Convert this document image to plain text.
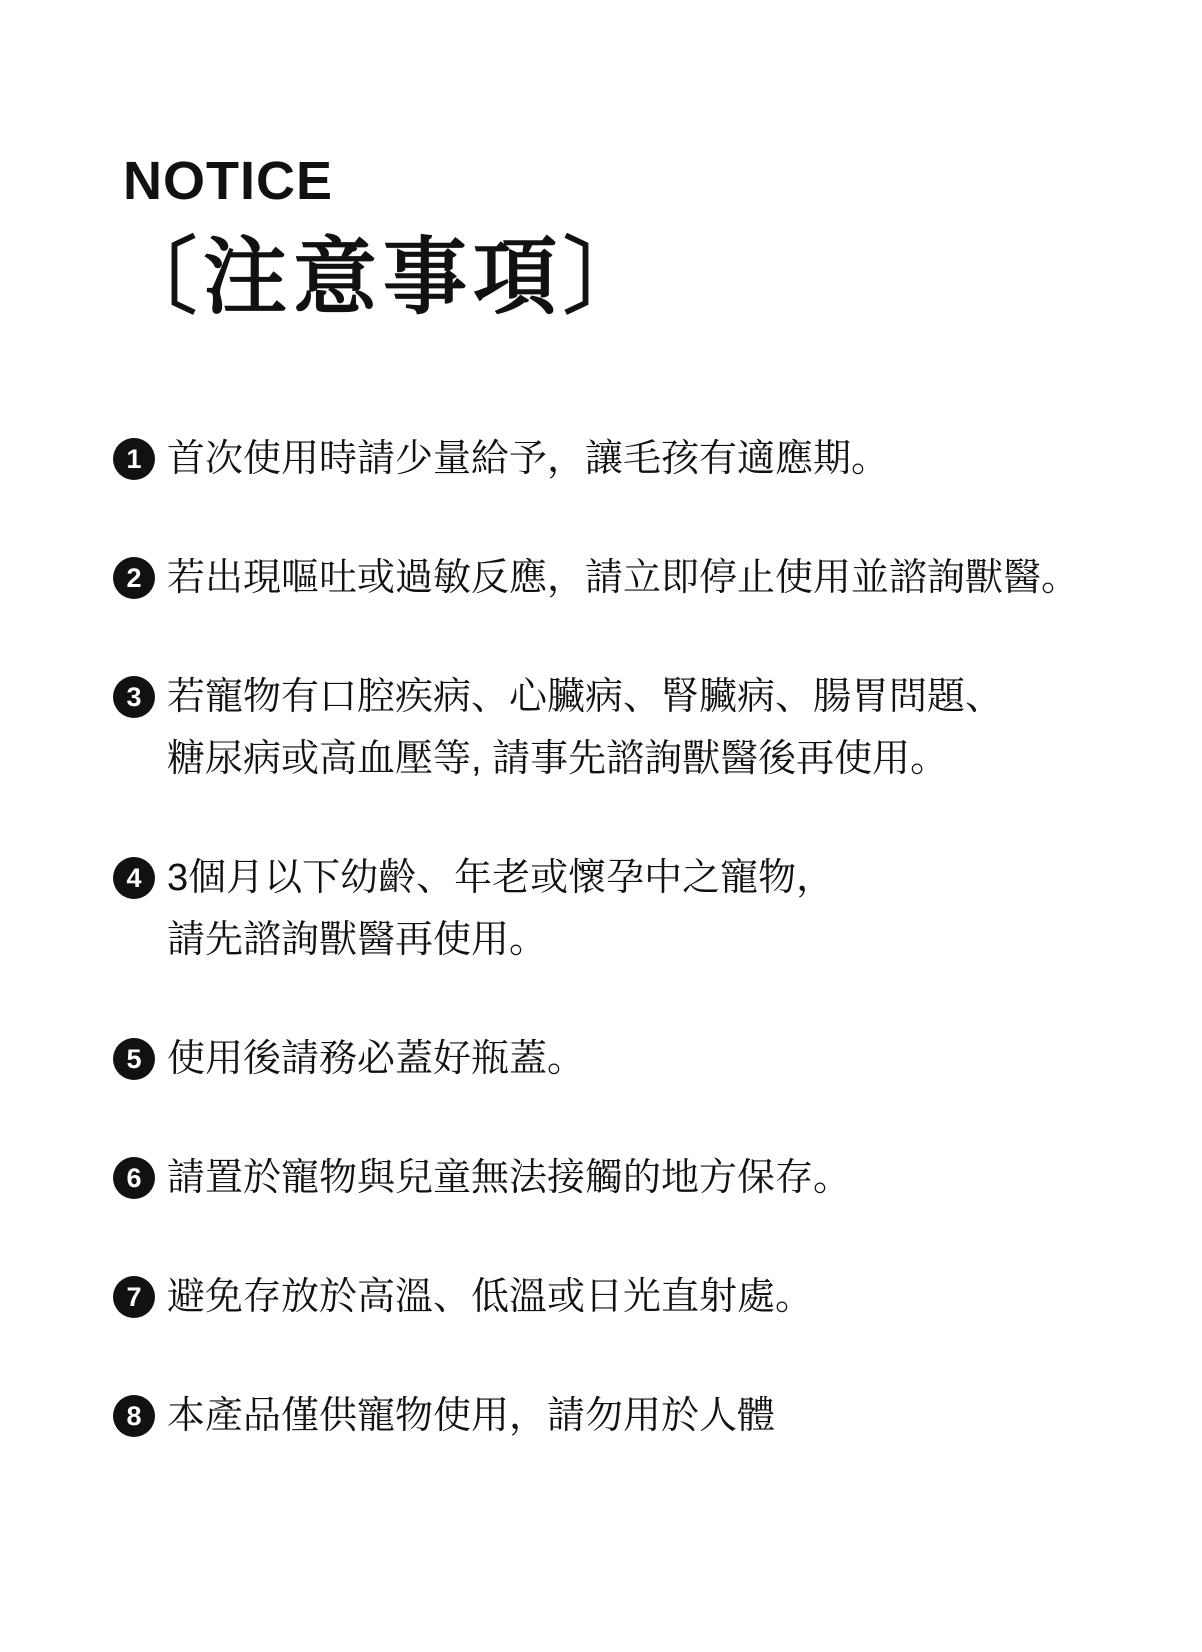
NOTICE
〔注意事項〕
1 首次使用時請少量給予，讓毛孩有適應期。
2 若出現嘔吐或過敏反應，請立即停止使用並諮詢獸醫。
3 若寵物有口腔疾病、心臟病、腎臟病、腸胃問題、
糖尿病或高血壓等, 請事先諮詢獸醫後再使用。
4 3個月以下幼齡、年老或懷孕中之寵物，
請先諮詢獸醫再使用。
5 使用後請務必蓋好瓶蓋。
6 請置於寵物與兒童無法接觸的地方保存。
7 避免存放於高溫、低溫或日光直射處。
8 本產品僅供寵物使用，請勿用於人體
